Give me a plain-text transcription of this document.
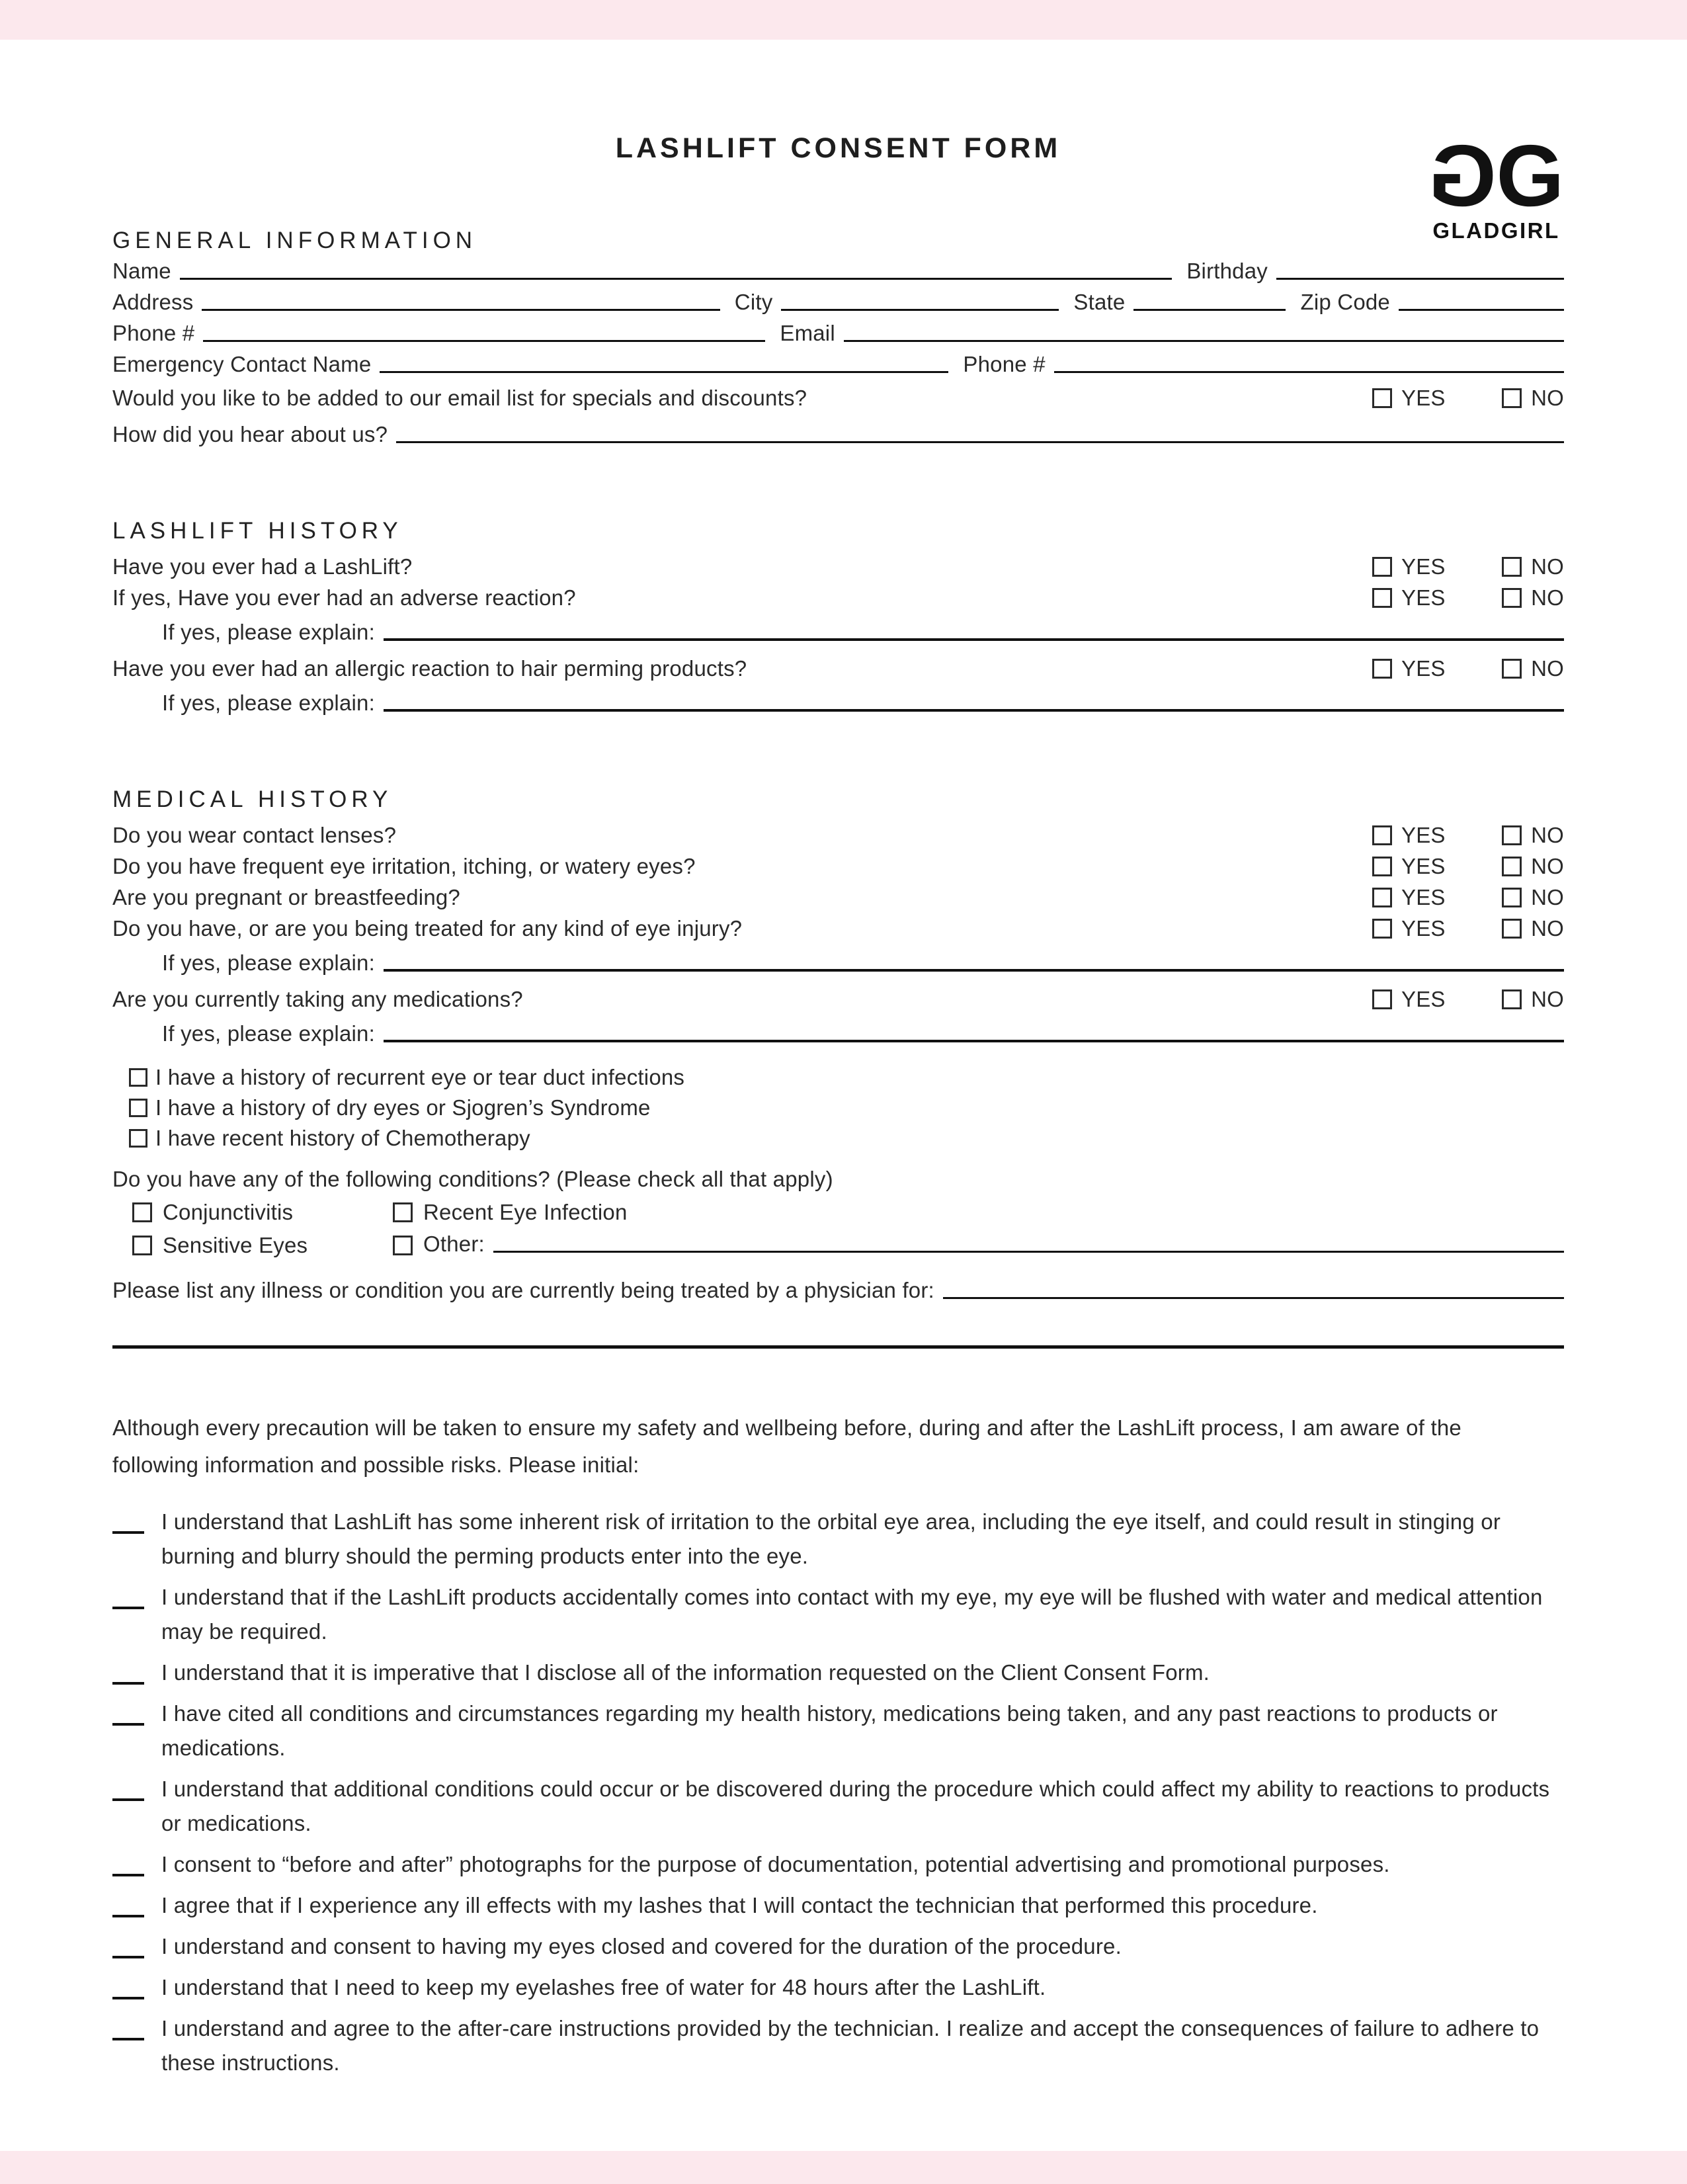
LASHLIFT CONSENT FORM	G G
GLADGIRL
GENERAL INFORMATION
Name	Birthday
Address	City	State	Zip Code
Phone #	Email
Emergency Contact Name	Phone #
Would you like to be added to our email list for specials and discounts?	YES	NO
How did you hear about us?
LASHLIFT HISTORY
Have you ever had a LashLift?	YES	NO
If yes, Have you ever had an adverse reaction?	YES	NO
If yes, please explain:
Have you ever had an allergic reaction to hair perming products?	YES	NO
If yes, please explain:
MEDICAL HISTORY
Do you wear contact lenses?	YES	NO
Do you have frequent eye irritation, itching, or watery eyes?	YES	NO
Are you pregnant or breastfeeding?	YES	NO
Do you have, or are you being treated for any kind of eye injury?	YES	NO
If yes, please explain:
Are you currently taking any medications?	YES	NO
If yes, please explain:
I have a history of recurrent eye or tear duct infections
I have a history of dry eyes or Sjogren’s Syndrome
I have recent history of Chemotherapy
Do you have any of the following conditions? (Please check all that apply)
Conjunctivitis	Recent Eye Infection
Sensitive Eyes	Other:
Please list any illness or condition you are currently being treated by a physician for:
Although every precaution will be taken to ensure my safety and wellbeing before, during and after the LashLift process, I am aware of the following information and possible risks. Please initial:
I understand that LashLift has some inherent risk of irritation to the orbital eye area, including the eye itself, and could result in stinging or burning and blurry should the perming products enter into the eye.
I understand that if the LashLift products accidentally comes into contact with my eye, my eye will be flushed with water and medical attention may be required.
I understand that it is imperative that I disclose all of the information requested on the Client Consent Form.
I have cited all conditions and circumstances regarding my health history, medications being taken, and any past reactions to products or medications.
I understand that additional conditions could occur or be discovered during the procedure which could affect my ability to reactions to products or medications.
I consent to “before and after” photographs for the purpose of documentation, potential advertising and promotional purposes.
I agree that if I experience any ill effects with my lashes that I will contact the technician that performed this procedure.
I understand and consent to having my eyes closed and covered for the duration of the procedure.
I understand that I need to keep my eyelashes free of water for 48 hours after the LashLift.
I understand and agree to the after-care instructions provided by the technician. I realize and accept the consequences of failure to adhere to these instructions.
